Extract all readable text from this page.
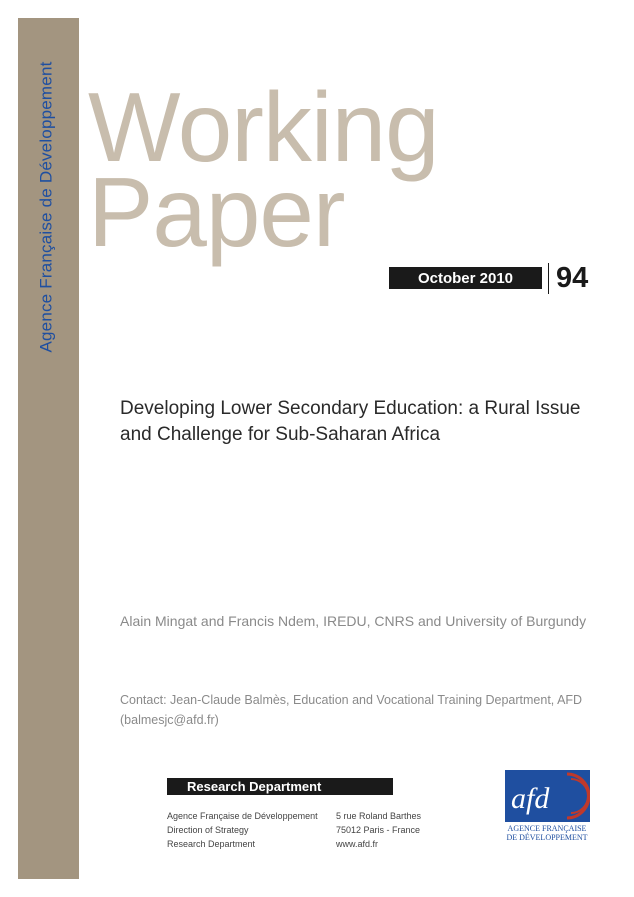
Agence Française de Développement Working
Paper
October 2010	94
Developing Lower Secondary Education: a Rural Issue and Challenge for Sub-Saharan Africa
Alain Mingat and Francis Ndem, IREDU, CNRS and University of Burgundy
Contact: Jean-Claude Balmès, Education and Vocational Training Department, AFD (balmesjc@afd.fr)
Research Department
Agence Française de Développement
Direction of Strategy
Research Department
5 rue Roland Barthes
75012 Paris - France
www.afd.fr
afd
AGENCE FRANÇAISE
DE DÉVELOPPEMENT
